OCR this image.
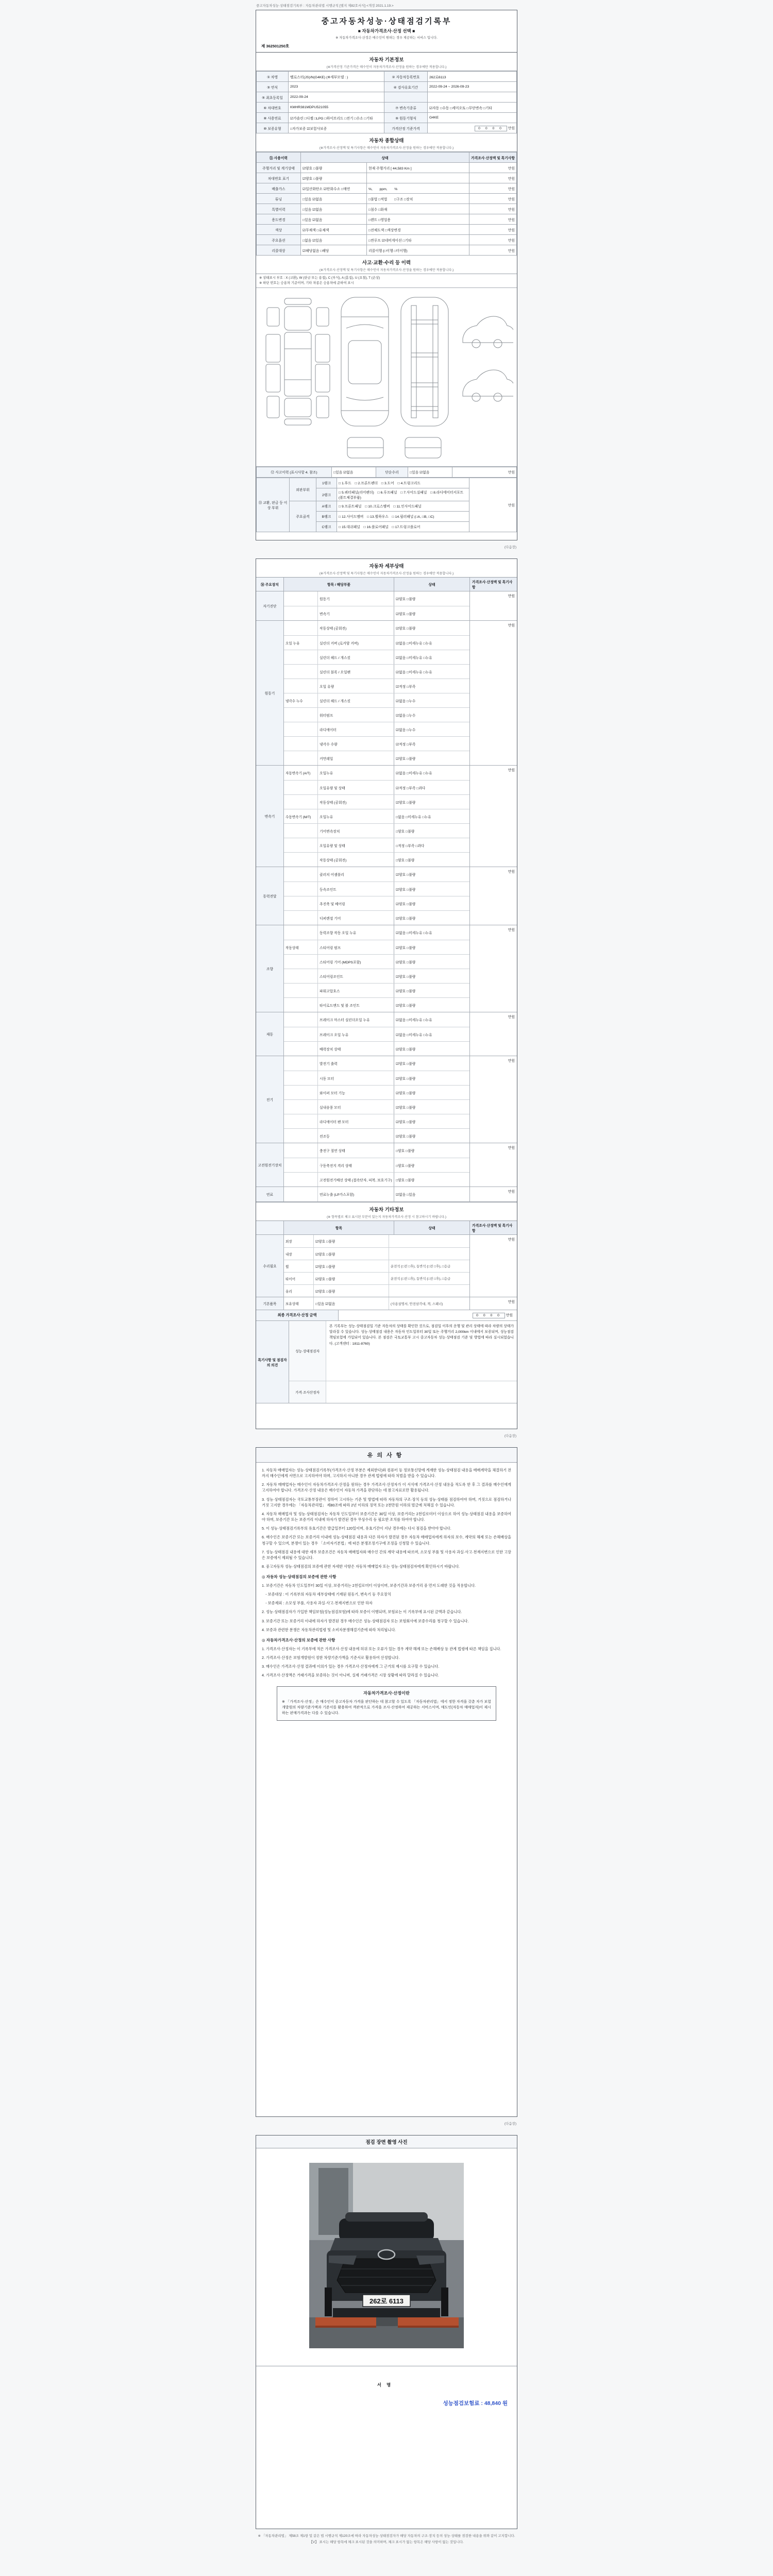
중고자동차성능·상태점검기록부 : 자동차관리법 시행규칙 [별지 제82호서식] <개정 2021.1.19.>
중고자동차성능·상태점검기록부
■ 자동차가격조사·산정 선택 ■
※ 자동차가격조사·산정은 매수인이 원하는 경우 제공하는 서비스 입니다.
제 362501250호
자동차 기본정보
(※가격산정 기준가격은 매수인이 자동차가격조사·산정을 원하는 경우에만 적용합니다.)
① 차명	벨로스터(JS)/N(G4KE) (※세부모델 : )	② 자동차등록번호	262로6113
③ 연식	2023	④ 검사유효기간	2022-09-24 ~ 2026-09-23
⑤ 최초등록일	2022-09-24		
⑥ 차대번호	KMHR381MDPU521055	⑦ 변속기종류	☑자동 □수동 □세미오토 □무단변속 □기타
⑧ 사용연료	☑가솔린 □디젤 □LPG □하이브리드 □전기 □수소 □기타	⑨ 원동기형식	G4KE
⑩ 보증유형	□자가보증 ☑보험사보증	가격산정 기준가격	0 0 0 0 만원
자동차 종합상태
(※가격조사·산정액 및 특기사항은 매수인이 자동차가격조사·산정을 원하는 경우에만 적용합니다.)
⑪ 사용이력	상태		가격조사·산정액 및 특기사항
주행거리 및 계기상태	☑양호 □불량	현재 주행거리 [ 44,583 Km ]	만원
차대번호 표기	☑양호 □불량		만원
배출가스	☑일산화탄소 ☑탄화수소 □매연	%,　　ppm,　　%	만원
튜닝	□있음 ☑없음	□불법 □적법　　□구조 □장치	만원
특별이력	□있음 ☑없음	□침수 □화재	만원
용도변경	□있음 ☑없음	□렌트 □영업용	만원
색상	☑무채색 □유채색	□전체도색 □색상변경	만원
주요옵션	□없음 ☑있음	□썬루프 ☑네비게이션 □기타	만원
리콜대상	☑해당없음 □해당	리콜이행 (□이행 □미이행)	만원
사고·교환·수리 등 이력
(※가격조사·산정액 및 특기사항은 매수인이 자동차가격조사·산정을 원하는 경우에만 적용합니다.)
※ 상태표시 부호 : X (교환), W (판금 또는 용접), C (부식), A (흠집), U (요철), T (손상)
※ 하단 번호는 승용차 기준이며, 기타 차종은 승용차에 준하여 표시
⑫ 사고이력 (표시사항 4. 참조)	□있음 ☑없음	단순수리	□있음 ☑없음	만원
⑬ 교환, 판금 등 이상 부위	외판부위	1랭크	□ 1.후드　□ 2.프론트펜더　□ 3.도어　□ 4.트렁크리드	만원
		2랭크	□ 5.쿼터패널(리어펜더)　□ 6.루프패널　□ 7.사이드실패널　□ 8.라디에이터서포트(볼트체결부품)	
	주요골격	A랭크	□ 9.프론트패널　□ 10.크로스멤버　□ 11.인사이드패널	
		B랭크	□ 12.사이드멤버　□ 13.휠하우스　□ 14.필러패널 (□A, □B, □C)	
		C랭크	□ 15.대쉬패널　□ 16.플로어패널　□ 17.트렁크플로어	
(다음장)
자동차 세부상태
(※가격조사·산정액 및 특기사항은 매수인이 자동차가격조사·산정을 원하는 경우에만 적용합니다.)
⑭ 주요장치	항목 / 해당부품	상태
가격조사·산정액 및 특기사항
자기진단
원동기	☑양호 □불량
변속기	☑양호 □불량
만원
원동기
작동상태 (공회전)	☑양호 □불량
오일 누유	실린더 커버 (로커암 커버)	☑없음 □미세누유 □누유
실린더 헤드 / 개스킷	☑없음 □미세누유 □누유
실린더 블록 / 오일팬	☑없음 □미세누유 □누유
오일 유량	☑적정 □부족
냉각수 누수	실린더 헤드 / 개스킷	☑없음 □누수
워터펌프	☑없음 □누수
라디에이터	☑없음 □누수
냉각수 수량	☑적정 □부족
커먼레일	☑양호 □불량
만원
변속기
자동변속기 (A/T)	오일누유	☑없음 □미세누유 □누유
오일유량 및 상태	☑적정 □부족 □과다
작동상태 (공회전)	☑양호 □불량
수동변속기 (M/T)	오일누유	□없음 □미세누유 □누유
기어변속장치	□양호 □불량
오일유량 및 상태	□적정 □부족 □과다
작동상태 (공회전)	□양호 □불량
만원
동력전달
클러치 어셈블리	☑양호 □불량
등속조인트	☑양호 □불량
추진축 및 베어링	☑양호 □불량
디퍼렌셜 기어	☑양호 □불량
만원
조향
동력조향 작동 오일 누유	☑없음 □미세누유 □누유
작동상태	스티어링 펌프	☑양호 □불량
스티어링 기어 (MDPS포함)	☑양호 □불량
스티어링조인트	☑양호 □불량
파워고압호스	☑양호 □불량
타이로드엔드 및 볼 조인트	☑양호 □불량
만원
제동
브레이크 마스터 실린더오일 누유	☑없음 □미세누유 □누유
브레이크 오일 누유	☑없음 □미세누유 □누유
배력장치 상태	☑양호 □불량
만원
전기
발전기 출력	☑양호 □불량
시동 모터	☑양호 □불량
와이퍼 모터 기능	☑양호 □불량
실내송풍 모터	☑양호 □불량
라디에이터 팬 모터	☑양호 □불량
전조등	☑양호 □불량
만원
고전원전기장치
충전구 절연 상태	□양호 □불량
구동축전지 격리 상태	□양호 □불량
고전원전기배선 상태 (접속단자, 피복, 보호기구)	□양호 □불량
만원
연료	연료누출 (LP가스포함)	☑없음 □있음
만원
자동차 기타정보
(※ 항목별로 체크 표시된 부분이 있는지 자동차가격조사·산정 시 참고하시기 바랍니다.)
항목	상태
가격조사·산정액 및 특기사항
수리필요
외장	☑양호 □불량
내장	☑양호 □불량
휠	☑양호 □불량	운전석 (□전 □후), 동반석 (□전 □후), □응급
타이어	☑양호 □불량	운전석 (□전 □후), 동반석 (□전 □후), □응급
유리	☑양호 □불량
만원
기본품목	보유상태	□있음 ☑없음	(사용설명서, 안전삼각대, 잭, 스패너)	만원
최종 가격조사·산정 금액	0 0 0 0 만원
특기사항 및 점검자의 의견
성능·상태점검자
본 기록부는 성능·상태점검일 기준 자동차의 상태를 확인한 것으로, 점검일 이후의 운행 및 관리 상태에 따라 차량의 상태가 달라질 수 있습니다. 성능·상태점검 내용은 자동차 인도일부터 30일 또는 주행거리 2,000km 이내에서 보증되며, 성능점검 책임보험에 가입되어 있습니다. 본 점검은 국토교통부 고시 중고자동차 성능·상태점검 기준 및 방법에 따라 실시되었습니다. (고객센터 : 1811-8760)
가격·조사산정자
(다음장)
유의사항

1. 자동차 매매업자는 성능·상태점검기록부(가격조사·산정 부분은 제외한다)와 컴퓨터 등 정보통신망에 게재한 성능·상태점검 내용을 매매계약을 체결하기 전까지 매수인에게 서면으로 고지하여야 하며, 고지하지 아니한 경우 관계 법령에 따라 처벌을 받을 수 있습니다.

2. 자동차 매매업자는 매수인이 자동차가격조사·산정을 원하는 경우 가격조사·산정자가 이 서식에 가격조사·산정 내용을 적도록 한 후 그 결과를 매수인에게 고지하여야 합니다. 가격조사·산정 내용은 매수인이 자동차 가격을 판단하는 데 참고자료로만 활용됩니다.

3. 성능·상태점검자는 국토교통부장관이 정하여 고시하는 기준 및 방법에 따라 자동차의 구조·장치 등의 성능·상태를 점검하여야 하며, 거짓으로 점검하거나 거짓 고지한 경우에는 「자동차관리법」 제80조에 따라 2년 이하의 징역 또는 2천만원 이하의 벌금에 처해질 수 있습니다.

4. 자동차 매매업자 및 성능·상태점검자는 자동차 인도일부터 보증기간은 30일 이상, 보증거리는 2천킬로미터 이상으로 하여 성능·상태점검 내용을 보증하여야 하며, 보증기간 또는 보증거리 이내에 하자가 발견된 경우 무상수리 등 필요한 조치를 하여야 합니다.

5. 이 성능·상태점검기록부의 유효기간은 발급일부터 120일이며, 유효기간이 지난 경우에는 다시 점검을 받아야 합니다.

6. 매수인은 보증기간 또는 보증거리 이내에 성능·상태점검 내용과 다른 하자가 발견된 경우 자동차 매매업자에게 하자의 보수, 계약의 해제 또는 손해배상을 청구할 수 있으며, 분쟁이 있는 경우 「소비자기본법」에 따른 분쟁조정기구에 조정을 신청할 수 있습니다.

7. 성능·상태점검 내용에 대한 세부 보증조건은 자동차 매매업자와 매수인 간의 계약 내용에 따르며, 소모성 부품 및 사용자 과실·사고·천재지변으로 인한 고장은 보증에서 제외될 수 있습니다.

8. 중고자동차 성능·상태점검의 보증에 관한 자세한 사항은 자동차 매매업자 또는 성능·상태점검자에게 확인하시기 바랍니다.

◎ 자동차 성능·상태점검의 보증에 관한 사항

1. 보증기간은 자동차 인도일부터 30일 이상, 보증거리는 2천킬로미터 이상이며, 보증기간과 보증거리 중 먼저 도래한 것을 적용합니다.

　- 보증대상 : 이 기록부의 자동차 세부상태에 기재된 원동기, 변속기 등 주요장치

　- 보증제외 : 소모성 부품, 사용자 과실·사고·천재지변으로 인한 하자

2. 성능·상태점검자가 가입한 책임보험(성능점검보험)에 따라 보증이 이행되며, 보험료는 이 기록부에 표시된 금액과 같습니다.

3. 보증기간 또는 보증거리 이내에 하자가 발견된 경우 매수인은 성능·상태점검자 또는 보험회사에 보증수리를 청구할 수 있습니다.

4. 보증과 관련한 분쟁은 자동차관리법령 및 소비자분쟁해결기준에 따라 처리됩니다.

◎ 자동차가격조사·산정의 보증에 관한 사항

1. 가격조사·산정자는 이 기록부에 적은 가격조사·산정 내용에 허위 또는 오류가 있는 경우 계약 해제 또는 손해배상 등 관계 법령에 따른 책임을 집니다.

2. 가격조사·산정은 보험개발원이 정한 차량기준가액을 기준서로 활용하여 산정합니다.

3. 매수인은 가격조사·산정 결과에 이의가 있는 경우 가격조사·산정자에게 그 근거의 제시를 요구할 수 있습니다.

4. 가격조사·산정액은 거래가격을 보증하는 것이 아니며, 실제 거래가격은 시장 상황에 따라 달라질 수 있습니다.

자동차가격조사·산정이란

※ 「가격조사·산정」은 매수인이 중고자동차 가격을 판단하는 데 참고할 수 있도록 「자동차관리법」에서 정한 자격을 갖춘 자가 보험개발원의 차량기준가액과 기준서를 활용하여 객관적으로 가격을 조사·산정하여 제공하는 서비스이며, 매도인(자동차 매매업자)이 제시하는 판매가격과는 다를 수 있습니다.

(다음장)
점검 장면 촬영 사진
262로 6113
서명
성능점검보험료 : 48,840 원
※ 「자동차관리법」 제58조 제1항 및 같은 법 시행규칙 제120조에 따라 자동차성능·상태점검자가 해당 자동차의 구조·장치 등의 성능·상태를 점검한 내용을 위와 같이 고지합니다.
【V】 표시는 해당 항목에 체크 표시된 것을 의미하며, 체크 표시가 없는 항목은 해당 사항이 없는 것입니다.
